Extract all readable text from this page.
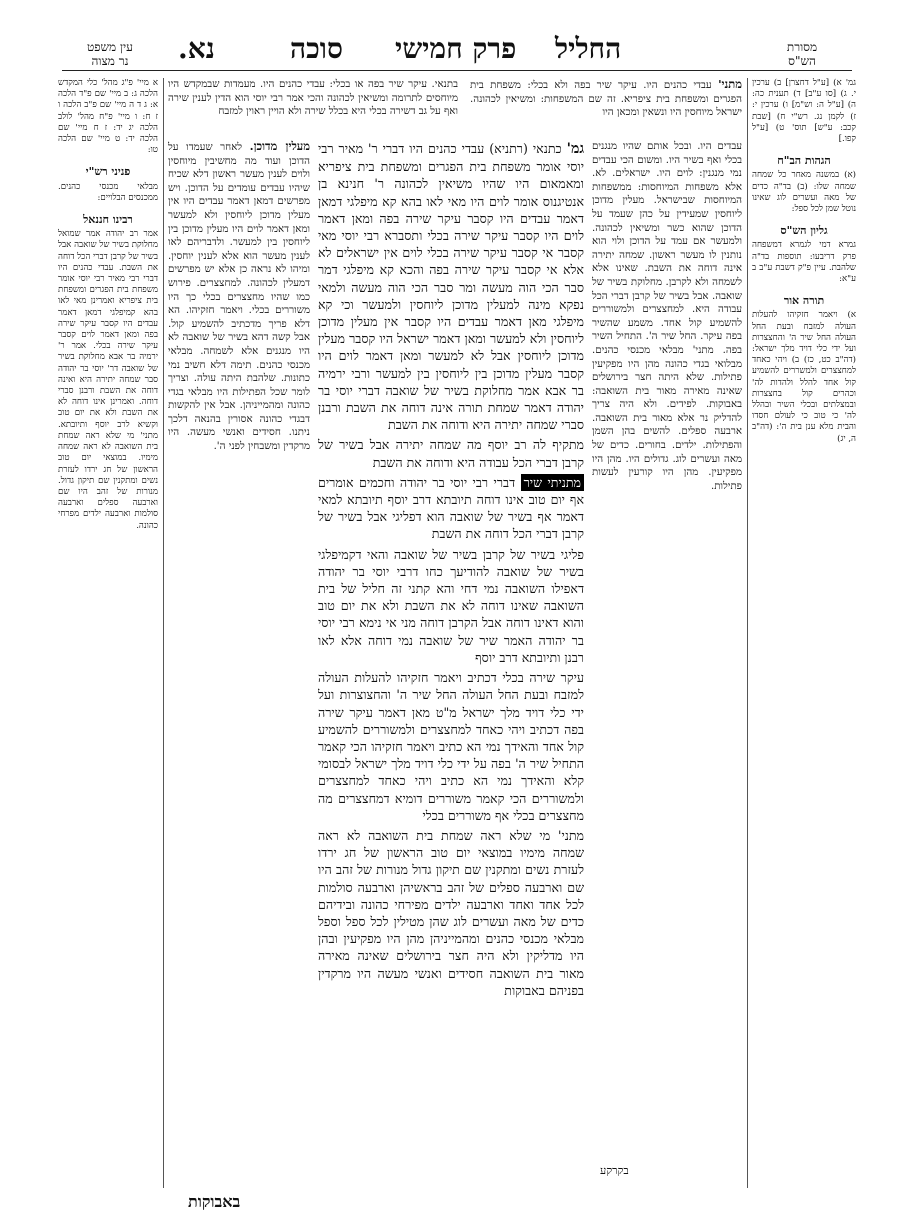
מסורת
הש"ס
החליל
פרק חמישי
סוכה
נא.
עין משפט
נר מצוה

גמ' א) [ע"ל דחצרן] ב) ערכין י. ג) [סו ע"ב] ד) תענית כה: ה) [ע"ל ה: וש"מ] ו) ערכין י: ז) לקמן נג. רש"י ח) [שבת קכב: ע"ש] תוס' ט) [ע"ל קפו.]

הגהות הב"ח

(א) במשנה מאחר כל שמחה שמחה שלו: (ב) בד"ה כדים של מאה ועשרים לוג שאינו נוטל שמן לכל ספל:

גליון הש"ס

גמרא דמי לגמרא דמשפחה פרק דריבעו: תוספות בד"ה שלהבת. עיין פ"ק דשבת ע"ב ב ע"א:

תורה אור

א) ויאמר חזקיהו להעלות העולה למזבח ובעת החל העולה החל שיר ה' והחצצרות ועל ידי כלי דויד מלך ישראל: (דה"ב כט, כז) ב) ויהי כאחד למחצצרים ולמשררים להשמיע קול אחד להלל ולהדות לה' וכהרים קול בחצצרות ובמצלתים ובכלי השיר ובהלל לה' כי טוב כי לעולם חסדו והבית מלא ענן בית ה': (דה"ב ה, יג)

א מיי' פ"ג מהל' כלי המקדש הלכה ג: ב מיי' שם פ"ד הלכה א: ג ד ה מיי' שם פ"ב הלכה ו ז ח: ו מיי' פ"ח מהל' לולב הלכה יג יד: ז ח מיי' שם הלכה יד: ט מיי' שם הלכה טו:

פניני רש"י

מבלאי מכנסי כהנים. ממכנסים הבלויים:

רבינו חננאל

אמר רב יהודה אמר שמואל מחלוקת בשיר של שואבה אבל בשיר של קרבן דברי הכל דוחה את השבת. עבדי כהנים היו דברי רבי מאיר רבי יוסי אומר משפחת בית הפגרים ומשפחת בית ציפריא ואמרינן מאי לאו בהא קמיפלגי דמאן דאמר עבדים היו קסבר עיקר שירה בפה ומאן דאמר לוים קסבר עיקר שירה בכלי. אמר ר' ירמיה בר אבא מחלוקת בשיר של שואבה דר' יוסי בר יהודה סבר שמחה יתירה היא ואינה דוחה את השבת ורבנן סברי דוחה. ואמרינן אינו דוחה לא את השבת ולא את יום טוב וקשיא לרב יוסף ותיובתא. מתני' מי שלא ראה שמחת בית השואבה לא ראה שמחה מימיו. במוצאי יום טוב הראשון של חג ירדו לעזרת נשים ומתקנין שם תיקון גדול. מנורות של זהב היו שם וארבעה ספלים וארבעה סולמות וארבעה ילדים מפרחי כהונה.

מתני' עבדי כהנים היו. עיקר שיר בפה ולא בכלי: משפחת בית הפגרים ומשפחת בית ציפריא. זה שם המשפחות: ומשיאין לכהונה. ישראל מיוחסין היו ונשאין ומכאן היו
בתנאי. עיקר שיר בפה או בכלי: עבדי כהנים היו. מעמדות שבמקדש היו מיוחסים לתרומה ומשיאין לכהונה והכי אמר רבי יוסי הוא הדין לענין שירה ואף על גב דשירה בכלי היא בכלל שירה ולא הויין ראוין למזבח
עבדים היו. ובכל אותם שהיו מנגנים בכלי ואף בשיר היו. ומשום הכי עבדים נמי מנגנין: לוים היו. ישראלים. לא. אלא משפחות המיוחסות: ממשפחות המיוחסות שבישראל. מעלין מדוכן ליוחסין שמעידין על כהן שעמד על הדוכן שהוא כשר ומשיאין לכהונה. ולמעשר אם עמד על הדוכן ולוי הוא נותנין לו מעשר ראשון. שמחה יתירה אינה דוחה את השבת. שאינו אלא לשמחה ולא לקרבן. מחלוקת בשיר של שואבה. אבל בשיר של קרבן דברי הכל עבודה היא. למחצצרים ולמשוררים להשמיע קול אחד. משמע שהשיר בפה עיקר. החל שיר ה'. התחיל השיר בפה. מתני' מבלאי מכנסי כהנים. מבלואי בגדי כהונה מהן היו מפקיעין פתילות. שלא היתה חצר בירושלים שאינה מאירה מאור בית השואבה: באבוקות. לפידים. ולא היה צריך להדליק נר אלא מאור בית השואבה. ארבעה ספלים. להשים בהן השמן והפתילות. ילדים. בחורים. כדים של מאה ועשרים לוג. גדולים היו. מהן היו מפקיעין. מהן היו קורעין לעשות פתילות.

גמ' כתנאי (רתניא) עבדי כהנים היו דברי ר' מאיר רבי יוסי אומר משפחת בית הפגרים ומשפחת בית ציפריא ומאמאום היו שהיו משיאין לכהונה ר' חנינא בן אנטיגנוס אומר לוים היו מאי לאו בהא קא מיפלגי דמאן דאמר עבדים היו קסבר עיקר שירה בפה ומאן דאמר לוים היו קסבר עיקר שירה בכלי ותסברא רבי יוסי מאי קסבר אי קסבר עיקר שירה בכלי לוים אין ישראלים לא אלא אי קסבר עיקר שירה בפה והכא קא מיפלגי דמר סבר הכי הוה מעשה ומר סבר הכי הוה מעשה ולמאי נפקא מינה למעלין מדוכן ליוחסין ולמעשר וכי קא מיפלגי מאן דאמר עבדים היו קסבר אין מעלין מדוכן ליוחסין ולא למעשר ומאן דאמר ישראל היו קסבר מעלין מדוכן ליוחסין אבל לא למעשר ומאן דאמר לוים היו קסבר מעלין מדוכן בין ליוחסין בין למעשר ורבי ירמיה בר אבא אמר מחלוקת בשיר של שואבה דברי יוסי בר יהודה דאמר שמחת תורה אינה דוחה את השבת ורבנן סברי שמחה יתירה היא ודוחה את השבת

מתקיף לה רב יוסף מה שמחה יתירה אבל בשיר של קרבן דברי הכל עבודה היא ודוחה את השבת

מתניתי שיר דברי רבי יוסי בר יהודה וחכמים אומרים אף יום טוב אינו דוחה תיובתא דרב יוסף תיובתא למאי דאמר אף בשיר של שואבה הוא דפליגי אבל בשיר של קרבן דברי הכל דוחה את השבת

פליגי בשיר של קרבן בשיר של שואבה והאי דקמיפלגי בשיר של שואבה להודיעך כחו דרבי יוסי בר יהודה דאפילו השואבה נמי דחי והא קתני זה חליל של בית השואבה שאינו דוחה לא את השבת ולא את יום טוב והוא דאינו דוחה אבל הקרבן דוחה מני אי נימא רבי יוסי בר יהודה האמר שיר של שואבה נמי דוחה אלא לאו רבנן ותיובתא דרב יוסף

עיקר שירה בכלי דכתיב ויאמר חזקיהו להעלות העולה למזבח ובעת החל העולה החל שיר ה' והחצוצרות ועל ידי כלי דויד מלך ישראל מ"ט מאן דאמר עיקר שירה בפה דכתיב ויהי כאחד למחצצרים ולמשוררים להשמיע קול אחד והאידך נמי הא כתיב ויאמר חזקיהו הכי קאמר התחיל שיר ה' בפה על ידי כלי דויד מלך ישראל לבסומי קלא והאידך נמי הא כתיב ויהי כאחד למחצצרים ולמשוררים הכי קאמר משוררים דומיא דמחצצרים מה מחצצרים בכלי אף משוררים בכלי

מתני' מי שלא ראה שמחת בית השואבה לא ראה שמחה מימיו במוצאי יום טוב הראשון של חג ירדו לעזרת נשים ומתקנין שם תיקון גדול מנורות של זהב היו שם וארבעה ספלים של זהב בראשיהן וארבעה סולמות לכל אחד ואחד וארבעה ילדים מפירחי כהונה ובידיהם כדים של מאה ועשרים לוג שהן מטילין לכל ספל וספל מבלאי מכנסי כהנים ומהמייניהן מהן היו מפקיעין ובהן היו מדליקין ולא היה חצר בירושלים שאינה מאירה מאור בית השואבה חסידים ואנשי מעשה היו מרקדין בפניהם באבוקות

מעלין מדוכן. לאחר שעמדו על הדוכן ועוד מה מחשיבין מיוחסין ולוים לענין מעשר ראשון דלא שכיח שיהיו עבדים עומדים על הדוכן. ויש מפרשים דמאן דאמר עבדים היו אין מעלין מדוכן ליוחסין ולא למעשר ומאן דאמר לוים היו מעלין מדוכן בין ליוחסין בין למעשר. ולדבריהם לאו לענין מעשר הוא אלא לענין יוחסין. ומיהו לא נראה כן אלא יש מפרשים דמעלין לכהונה. למחצצרים. פירוש כמו שהיו מחצצרים בכלי כך היו משוררים בכלי. ויאמר חזקיהו. הא דלא פריך מדכתיב להשמיע קול. אבל קשה דהא בשיר של שואבה לא היו מנגנים אלא לשמחה. מבלאי מכנסי כהנים. תימה דלא חשיב נמי כתונות. שלהבת היתה עולה. וצריך לומר שכל הפתילות היו מבלאי בגדי כהונה ומהמייניהן. אבל אין להקשות דבגדי כהונה אסורין בהנאה דלכך ניתנו. חסידים ואנשי מעשה. היו מרקדין ומשבחין לפני ה'.
בקרקע
באבוקות
